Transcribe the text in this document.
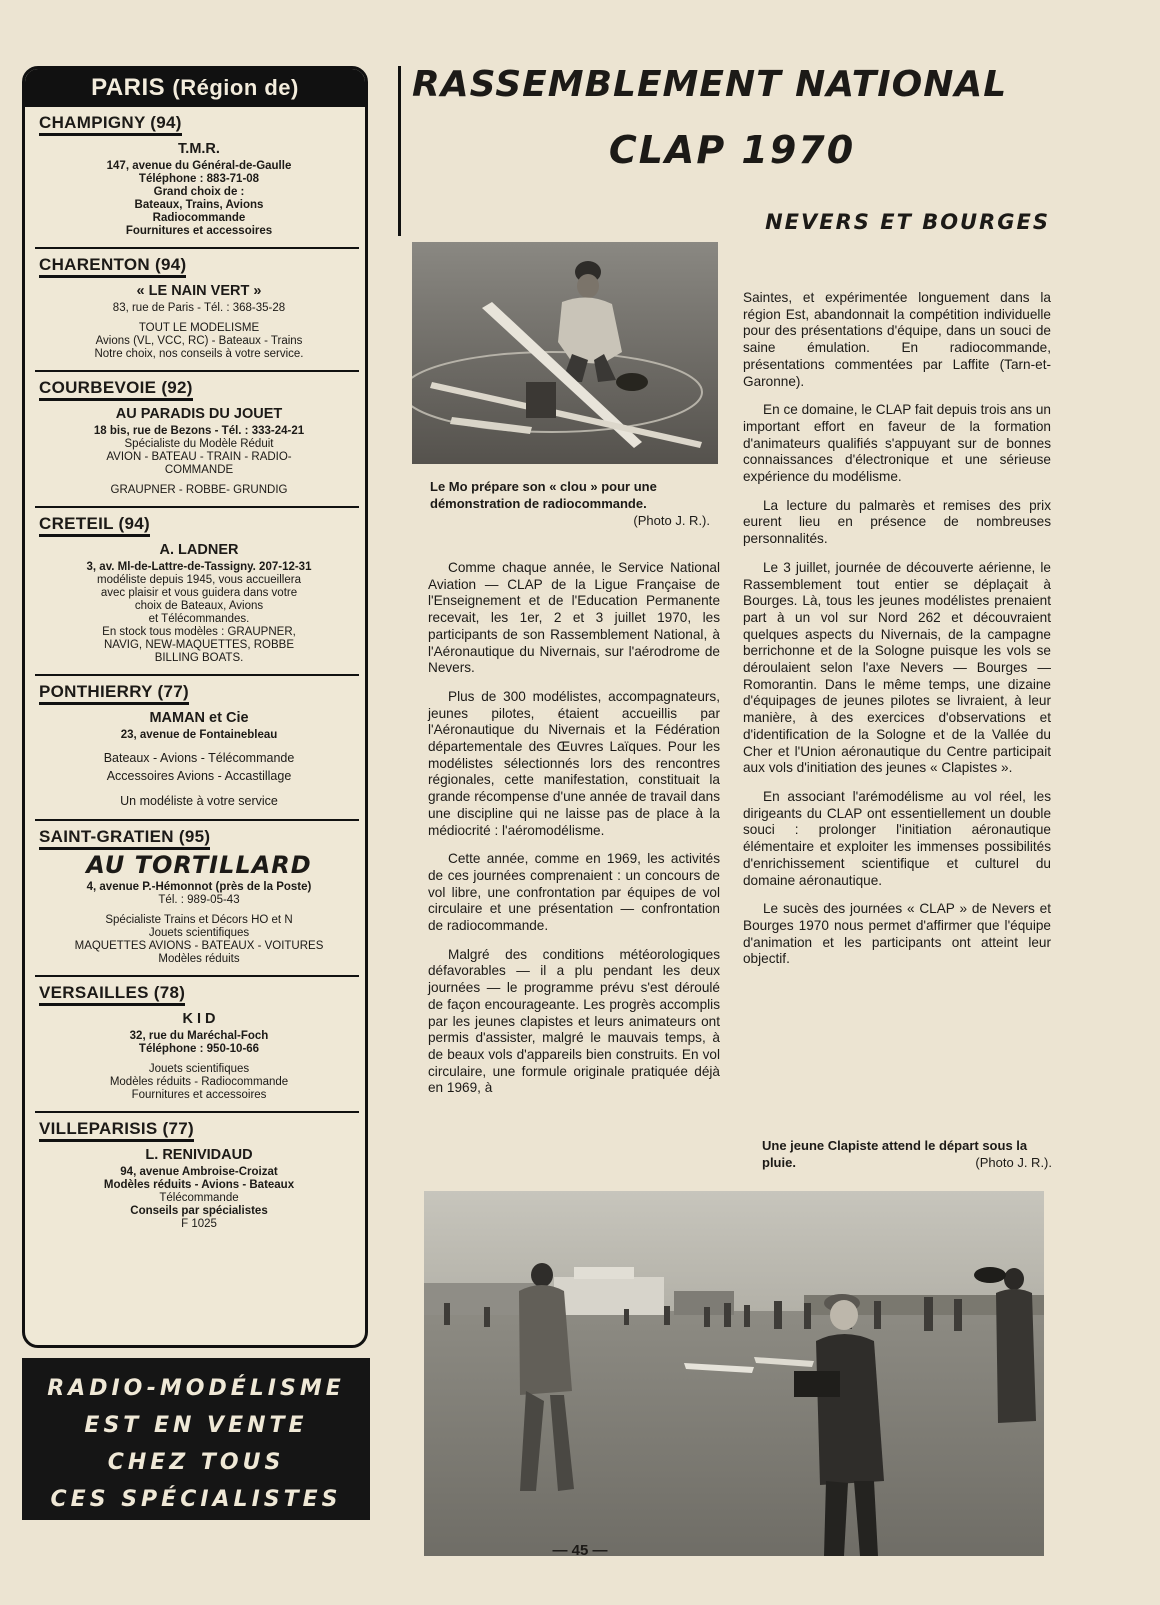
PARIS (Région de)
CHAMPIGNY (94)
T.M.R.
147, avenue du Général-de-Gaulle
Téléphone : 883-71-08
Grand choix de :
Bateaux, Trains, Avions
Radiocommande
Fournitures et accessoires
CHARENTON (94)
« LE NAIN VERT »
83, rue de Paris - Tél. : 368-35-28
TOUT LE MODELISME
Avions (VL, VCC, RC) - Bateaux - Trains
Notre choix, nos conseils à votre service.
COURBEVOIE (92)
AU PARADIS DU JOUET
18 bis, rue de Bezons - Tél. : 333-24-21
Spécialiste du Modèle Réduit
AVION - BATEAU - TRAIN - RADIO-
COMMANDE
GRAUPNER - ROBBE- GRUNDIG
CRETEIL (94)
A. LADNER
3, av. Ml-de-Lattre-de-Tassigny. 207-12-31
modéliste depuis 1945, vous accueillera
avec plaisir et vous guidera dans votre
choix de Bateaux, Avions
et Télécommandes.
En stock tous modèles : GRAUPNER,
NAVIG, NEW-MAQUETTES, ROBBE
BILLING BOATS.
PONTHIERRY (77)
MAMAN et Cie
23, avenue de Fontainebleau
Bateaux - Avions - Télécommande
Accessoires Avions - Accastillage
Un modéliste à votre service
SAINT-GRATIEN (95)
AU TORTILLARD
4, avenue P.-Hémonnot (près de la Poste)
Tél. : 989-05-43
Spécialiste Trains et Décors HO et N
Jouets scientifiques
MAQUETTES AVIONS - BATEAUX - VOITURES
Modèles réduits
VERSAILLES (78)
K I D
32, rue du Maréchal-Foch
Téléphone : 950-10-66
Jouets scientifiques
Modèles réduits - Radiocommande
Fournitures et accessoires
VILLEPARISIS (77)
L. RENIVIDAUD
94, avenue Ambroise-Croizat
Modèles réduits - Avions - Bateaux
Télécommande
Conseils par spécialistes
F 1025
RADIO-MODÉLISME
EST EN VENTE
CHEZ TOUS
CES SPÉCIALISTES
RASSEMBLEMENT NATIONAL
CLAP 1970
NEVERS ET BOURGES
Le Mo prépare son « clou » pour une démonstration de radiocommande.
(Photo J. R.).

Comme chaque année, le Service National Aviation — CLAP de la Ligue Française de l'Enseignement et de l'Education Permanente recevait, les 1er, 2 et 3 juillet 1970, les participants de son Rassemblement National, à l'Aéronautique du Nivernais, sur l'aérodrome de Nevers.

Plus de 300 modélistes, accompagnateurs, jeunes pilotes, étaient accueillis par l'Aéronautique du Nivernais et la Fédération départementale des Œuvres Laïques. Pour les modélistes sélectionnés lors des rencontres régionales, cette manifestation, constituait la grande récompense d'une année de travail dans une discipline qui ne laisse pas de place à la médiocrité : l'aéromodélisme.

Cette année, comme en 1969, les activités de ces journées comprenaient : un concours de vol libre, une confrontation par équipes de vol circulaire et une présentation — confrontation de radiocommande.

Malgré des conditions météorologiques défavorables — il a plu pendant les deux journées — le programme prévu s'est déroulé de façon encourageante. Les progrès accomplis par les jeunes clapistes et leurs animateurs ont permis d'assister, malgré le mauvais temps, à de beaux vols d'appareils bien construits. En vol circulaire, une formule originale pratiquée déjà en 1969, à

Saintes, et expérimentée longuement dans la région Est, abandonnait la compétition individuelle pour des présentations d'équipe, dans un souci de saine émulation. En radiocommande, présentations commentées par Laffite (Tarn-et-Garonne).

En ce domaine, le CLAP fait depuis trois ans un important effort en faveur de la formation d'animateurs qualifiés s'appuyant sur de bonnes connaissances d'électronique et une sérieuse expérience du modélisme.

La lecture du palmarès et remises des prix eurent lieu en présence de nombreuses personnalités.

Le 3 juillet, journée de découverte aérienne, le Rassemblement tout entier se déplaçait à Bourges. Là, tous les jeunes modélistes prenaient part à un vol sur Nord 262 et découvraient quelques aspects du Nivernais, de la campagne berrichonne et de la Sologne puisque les vols se déroulaient selon l'axe Nevers — Bourges — Romorantin. Dans le même temps, une dizaine d'équipages de jeunes pilotes se livraient, à leur manière, à des exercices d'observations et d'identification de la Sologne et de la Vallée du Cher et l'Union aéronautique du Centre participait aux vols d'initiation des jeunes « Clapistes ».

En associant l'arémodélisme au vol réel, les dirigeants du CLAP ont essentiellement un double souci : prolonger l'initiation aéronautique élémentaire et exploiter les immenses possibilités d'enrichissement scientifique et culturel du domaine aéronautique.

Le sucès des journées « CLAP » de Nevers et Bourges 1970 nous permet d'affirmer que l'équipe d'animation et les participants ont atteint leur objectif.

Une jeune Clapiste attend le départ sous la pluie.	(Photo J. R.).
— 45 —
